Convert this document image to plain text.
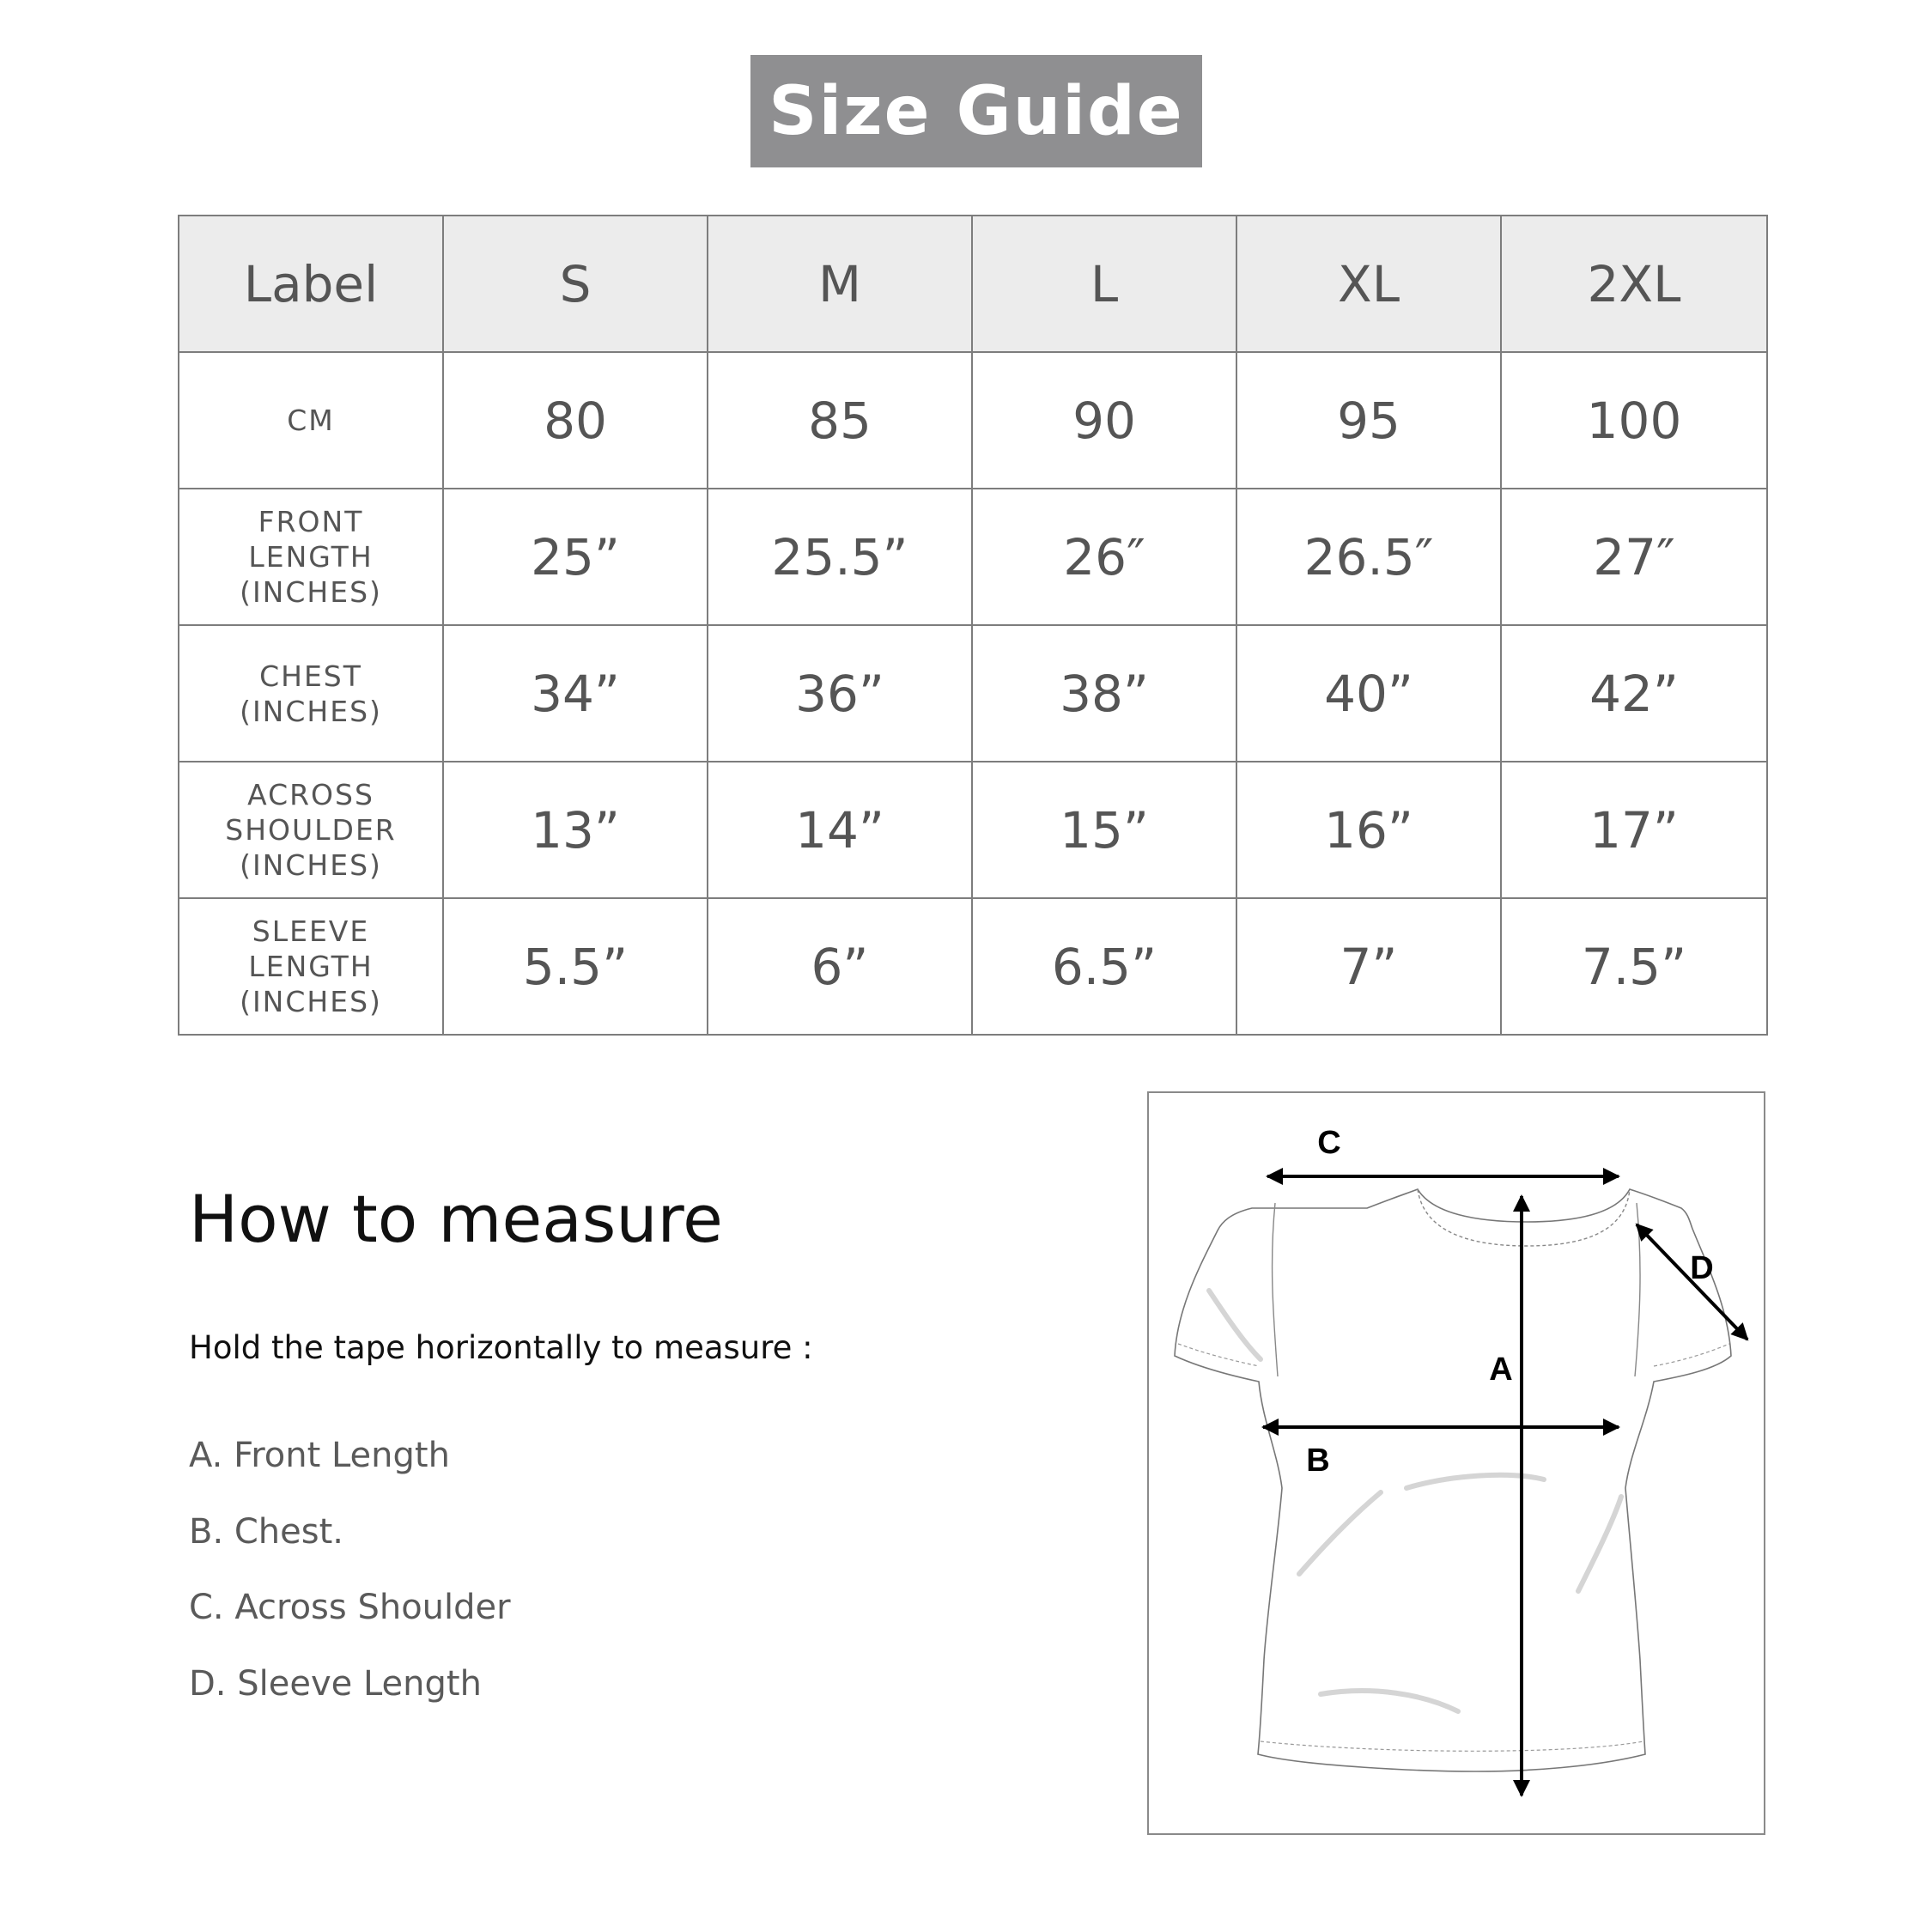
Size Guide
Label	S	M	L	XL	2XL
CM	80	85	90	95	100
FRONT
LENGTH
(INCHES)	25”	25.5”	26″	26.5″	27″
CHEST
(INCHES)	34”	36”	38”	40”	42”
ACROSS
SHOULDER
(INCHES)	13”	14”	15”	16”	17”
SLEEVE
LENGTH
(INCHES)	5.5”	6”	6.5”	7”	7.5”
How to measure

Hold the tape horizontally to measure :

A. Front Length
B. Chest.
C. Across Shoulder
D. Sleeve Length
C
A
B
D
